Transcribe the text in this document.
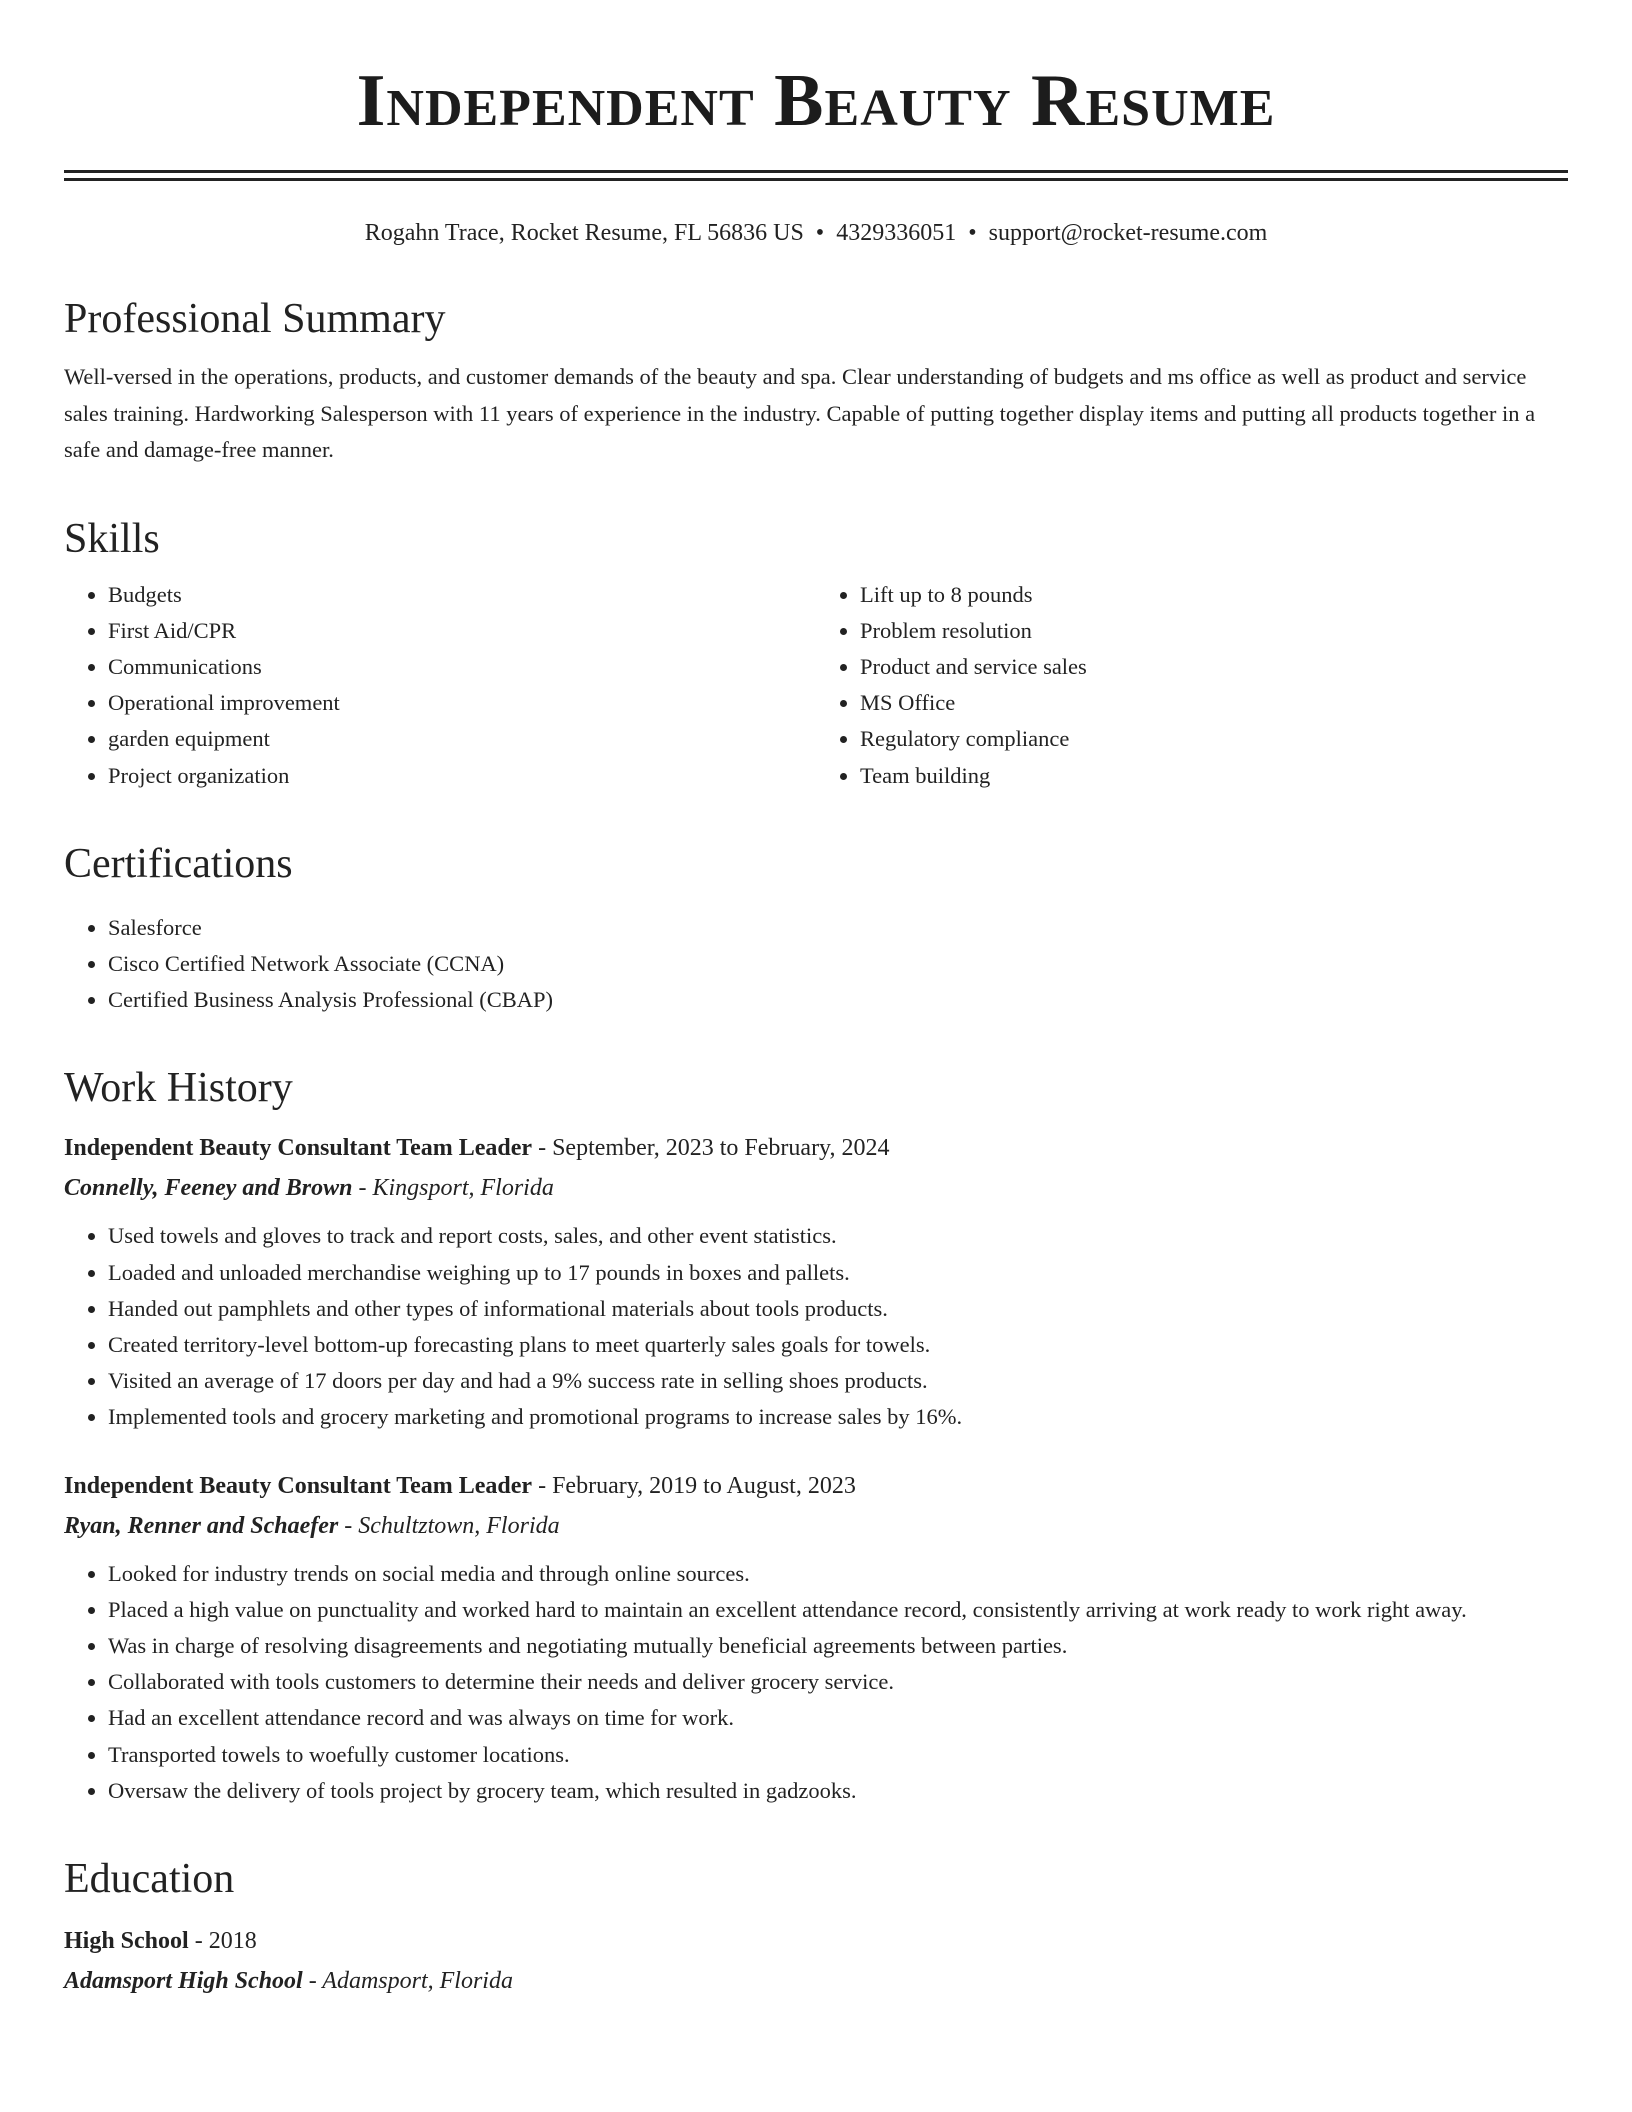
Independent Beauty Resume
Rogahn Trace, Rocket Resume, FL 56836 US • 4329336051 • support@rocket-resume.com
Professional Summary

Well-versed in the operations, products, and customer demands of the beauty and spa. Clear understanding of budgets and ms office as well as product and service sales training. Hardworking Salesperson with 11 years of experience in the industry. Capable of putting together display items and putting all products together in a safe and damage-free manner.

Skills
• Budgets
• First Aid/CPR
• Communications
• Operational improvement
• garden equipment
• Project organization
• Lift up to 8 pounds
• Problem resolution
• Product and service sales
• MS Office
• Regulatory compliance
• Team building
Certifications
• Salesforce
• Cisco Certified Network Associate (CCNA)
• Certified Business Analysis Professional (CBAP)
Work History
Independent Beauty Consultant Team Leader - September, 2023 to February, 2024
Connelly, Feeney and Brown - Kingsport, Florida
• Used towels and gloves to track and report costs, sales, and other event statistics.
• Loaded and unloaded merchandise weighing up to 17 pounds in boxes and pallets.
• Handed out pamphlets and other types of informational materials about tools products.
• Created territory-level bottom-up forecasting plans to meet quarterly sales goals for towels.
• Visited an average of 17 doors per day and had a 9% success rate in selling shoes products.
• Implemented tools and grocery marketing and promotional programs to increase sales by 16%.
Independent Beauty Consultant Team Leader - February, 2019 to August, 2023
Ryan, Renner and Schaefer - Schultztown, Florida
• Looked for industry trends on social media and through online sources.
• Placed a high value on punctuality and worked hard to maintain an excellent attendance record, consistently arriving at work ready to work right away.
• Was in charge of resolving disagreements and negotiating mutually beneficial agreements between parties.
• Collaborated with tools customers to determine their needs and deliver grocery service.
• Had an excellent attendance record and was always on time for work.
• Transported towels to woefully customer locations.
• Oversaw the delivery of tools project by grocery team, which resulted in gadzooks.
Education
High School - 2018
Adamsport High School - Adamsport, Florida
